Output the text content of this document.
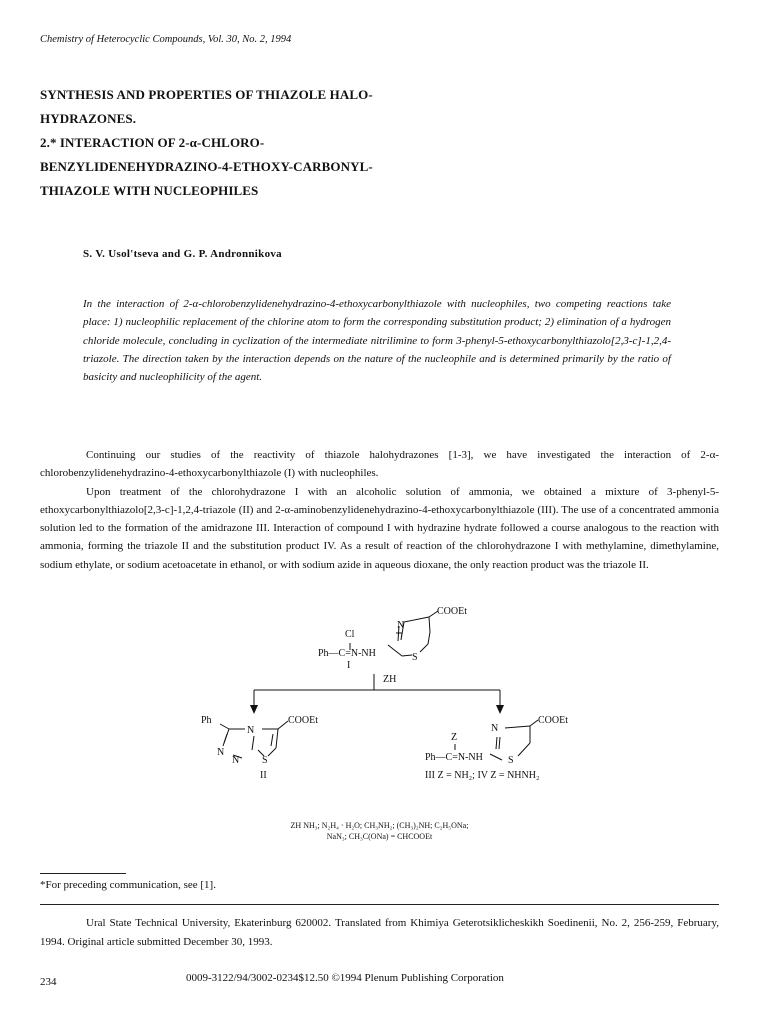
Chemistry of Heterocyclic Compounds, Vol. 30, No. 2, 1994
SYNTHESIS AND PROPERTIES OF THIAZOLE HALO-
HYDRAZONES.
2.* INTERACTION OF 2-α-CHLORO-
BENZYLIDENEHYDRAZINO-4-ETHOXY-CARBONYL-
THIAZOLE WITH NUCLEOPHILES
S. V. Usol'tseva and G. P. Andronnikova
In the interaction of 2-α-chlorobenzylidenehydrazino-4-ethoxycarbonylthiazole with nucleophiles, two competing reactions take place: 1) nucleophilic replacement of the chlorine atom to form the corresponding substitution product; 2) elimination of a hydrogen chloride molecule, concluding in cyclization of the intermediate nitrilimine to form 3-phenyl-5-ethoxycarbonylthiazolo[2,3-c]-1,2,4-triazole. The direction taken by the interaction depends on the nature of the nucleophile and is determined primarily by the ratio of basicity and nucleophilicity of the agent.

Continuing our studies of the reactivity of thiazole halohydrazones [1-3], we have investigated the interaction of 2-α-chlorobenzylidenehydrazino-4-ethoxycarbonylthiazole (I) with nucleophiles.

Upon treatment of the chlorohydrazone I with an alcoholic solution of ammonia, we obtained a mixture of 3-phenyl-5-ethoxycarbonylthiazolo[2,3-c]-1,2,4-triazole (II) and 2-α-aminobenzylidenehydrazino-4-ethoxycarbonylthiazole (III). The use of a concentrated ammonia solution led to the formation of the amidrazone III. Interaction of compound I with hydrazine hydrate followed a course analogous to the reaction with ammonia, forming the triazole II and the substitution product IV. As a result of reaction of the chlorohydrazone I with methylamine, dimethylamine, sodium ethylate, or sodium acetoacetate in ethanol, or with sodium azide in aqueous dioxane, the only reaction product was the triazole II.

COOEt
N
Cl
S
Ph—C=N-NH
I
ZH
Ph
N
COOEt
N
N S
II
COOEt
N
Z
S
Ph—C=N-NH
III Z = NH₂; IV Z = NHNH₂
ZH NH₃; N₂H₄ · H₂O; CH₃NH₂; (CH₃)₂NH; C₂H₅ONa;
NaN₃; CH₃C(ONa) = CHCOOEt
*For preceding communication, see [1].
Ural State Technical University, Ekaterinburg 620002. Translated from Khimiya Geterotsiklicheskikh Soedinenii, No. 2, 256-259, February, 1994. Original article submitted December 30, 1993.
234	0009-3122/94/3002-0234$12.50 ©1994 Plenum Publishing Corporation
